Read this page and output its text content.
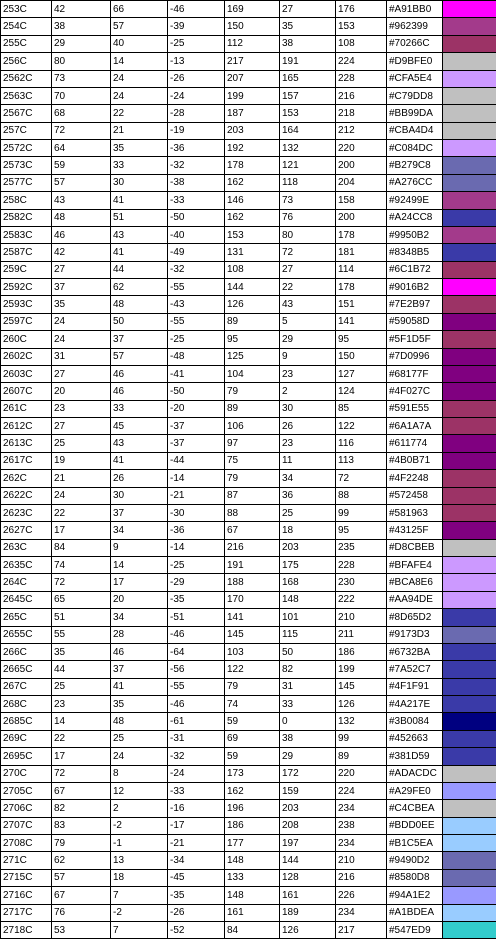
253C	42	66	-46	169	27	176	#A91BB0	
254C	38	57	-39	150	35	153	#962399	
255C	29	40	-25	112	38	108	#70266C	
256C	80	14	-13	217	191	224	#D9BFE0	
2562C	73	24	-26	207	165	228	#CFA5E4	
2563C	70	24	-24	199	157	216	#C79DD8	
2567C	68	22	-28	187	153	218	#BB99DA	
257C	72	21	-19	203	164	212	#CBA4D4	
2572C	64	35	-36	192	132	220	#C084DC	
2573C	59	33	-32	178	121	200	#B279C8	
2577C	57	30	-38	162	118	204	#A276CC	
258C	43	41	-33	146	73	158	#92499E	
2582C	48	51	-50	162	76	200	#A24CC8	
2583C	46	43	-40	153	80	178	#9950B2	
2587C	42	41	-49	131	72	181	#8348B5	
259C	27	44	-32	108	27	114	#6C1B72	
2592C	37	62	-55	144	22	178	#9016B2	
2593C	35	48	-43	126	43	151	#7E2B97	
2597C	24	50	-55	89	5	141	#59058D	
260C	24	37	-25	95	29	95	#5F1D5F	
2602C	31	57	-48	125	9	150	#7D0996	
2603C	27	46	-41	104	23	127	#68177F	
2607C	20	46	-50	79	2	124	#4F027C	
261C	23	33	-20	89	30	85	#591E55	
2612C	27	45	-37	106	26	122	#6A1A7A	
2613C	25	43	-37	97	23	116	#611774	
2617C	19	41	-44	75	11	113	#4B0B71	
262C	21	26	-14	79	34	72	#4F2248	
2622C	24	30	-21	87	36	88	#572458	
2623C	22	37	-30	88	25	99	#581963	
2627C	17	34	-36	67	18	95	#43125F	
263C	84	9	-14	216	203	235	#D8CBEB	
2635C	74	14	-25	191	175	228	#BFAFE4	
264C	72	17	-29	188	168	230	#BCA8E6	
2645C	65	20	-35	170	148	222	#AA94DE	
265C	51	34	-51	141	101	210	#8D65D2	
2655C	55	28	-46	145	115	211	#9173D3	
266C	35	46	-64	103	50	186	#6732BA	
2665C	44	37	-56	122	82	199	#7A52C7	
267C	25	41	-55	79	31	145	#4F1F91	
268C	23	35	-46	74	33	126	#4A217E	
2685C	14	48	-61	59	0	132	#3B0084	
269C	22	25	-31	69	38	99	#452663	
2695C	17	24	-32	59	29	89	#381D59	
270C	72	8	-24	173	172	220	#ADACDC	
2705C	67	12	-33	162	159	224	#A29FE0	
2706C	82	2	-16	196	203	234	#C4CBEA	
2707C	83	-2	-17	186	208	238	#BDD0EE	
2708C	79	-1	-21	177	197	234	#B1C5EA	
271C	62	13	-34	148	144	210	#9490D2	
2715C	57	18	-45	133	128	216	#8580D8	
2716C	67	7	-35	148	161	226	#94A1E2	
2717C	76	-2	-26	161	189	234	#A1BDEA	
2718C	53	7	-52	84	126	217	#547ED9	
